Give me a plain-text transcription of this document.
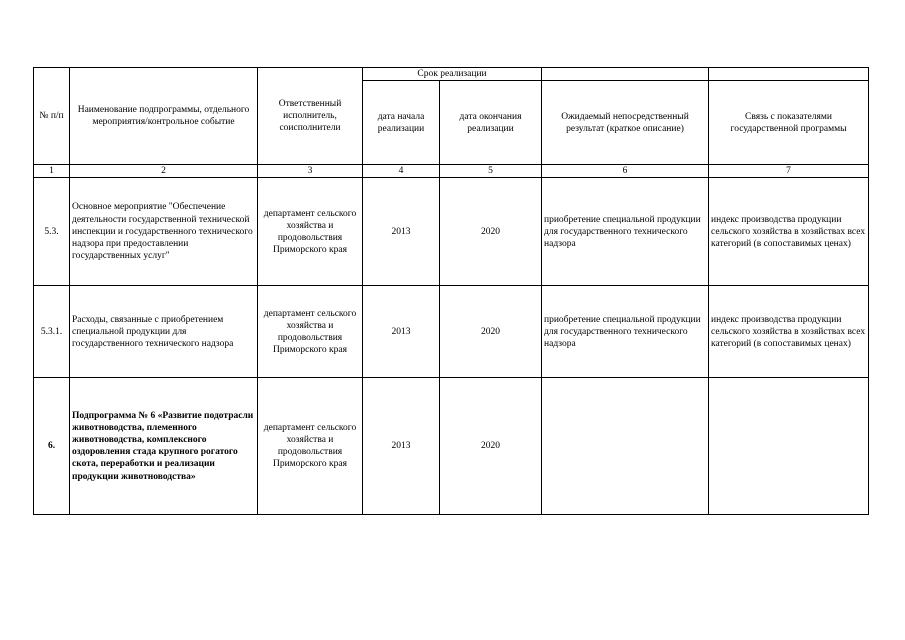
№ п/п	Наименование подпрограммы, отдельного мероприятия/контрольное событие	Ответственный исполнитель, соисполнители	Срок реализации			
			дата начала реализации	дата окончания реализации	Ожидаемый непосредственный результат (краткое описание)	Связь с показателями государственной программы
1	2	3	4	5	6	7
5.3.	Основное мероприятие "Обеспечение деятельности государственной технической инспекции и государственного технического надзора при предоставлении государственных услуг"	департамент сельского хозяйства и продовольствия Приморского края	2013	2020	приобретение специальной продукции для государственного технического надзора	индекс производства продукции сельского хозяйства в хозяйствах всех категорий (в сопоставимых ценах)
5.3.1.	Расходы, связанные с приобретением специальной продукции для государственного технического надзора	департамент сельского хозяйства и продовольствия Приморского края	2013	2020	приобретение специальной продукции для государственного технического надзора	индекс производства продукции сельского хозяйства в хозяйствах всех категорий (в сопоставимых ценах)
6.	Подпрограмма № 6 «Развитие подотрасли животноводства, племенного животноводства, комплексного оздоровления стада крупного рогатого скота, переработки и реализации продукции животноводства»	департамент сельского хозяйства и продовольствия Приморского края	2013	2020		
